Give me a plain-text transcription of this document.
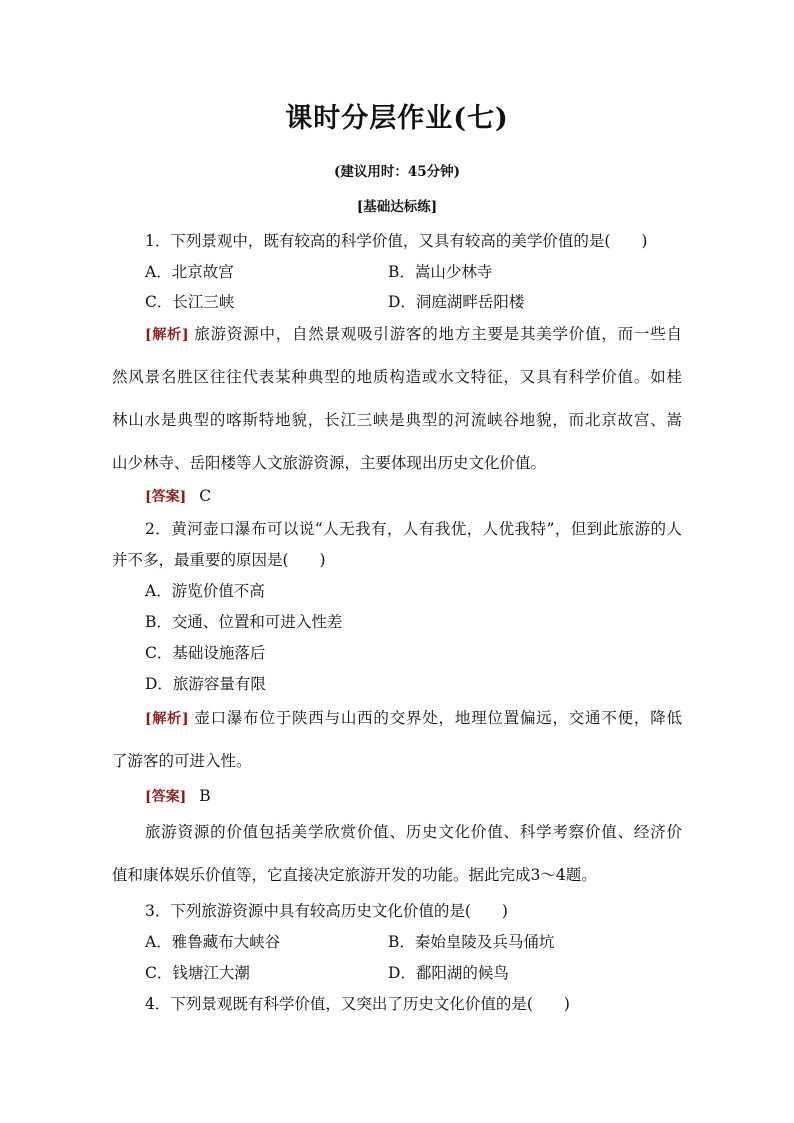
课时分层作业(七)
(建议用时：45分钟)
[基础达标练]
1．下列景观中，既有较高的科学价值，又具有较高的美学价值的是(　　)
A．北京故宫	B．嵩山少林寺
C．长江三峡	D．洞庭湖畔岳阳楼
[解析] 旅游资源中，自然景观吸引游客的地方主要是其美学价值，而一些自
然风景名胜区往往代表某种典型的地质构造或水文特征，又具有科学价值。如桂
林山水是典型的喀斯特地貌，长江三峡是典型的河流峡谷地貌，而北京故宫、嵩
山少林寺、岳阳楼等人文旅游资源，主要体现出历史文化价值。
[答案] C
2．黄河壶口瀑布可以说“人无我有，人有我优，人优我特”，但到此旅游的人
并不多，最重要的原因是(　　)
A．游览价值不高
B．交通、位置和可进入性差
C．基础设施落后
D．旅游容量有限
[解析] 壶口瀑布位于陕西与山西的交界处，地理位置偏远，交通不便，降低
了游客的可进入性。
[答案] B
旅游资源的价值包括美学欣赏价值、历史文化价值、科学考察价值、经济价
值和康体娱乐价值等，它直接决定旅游开发的功能。据此完成3～4题。
3．下列旅游资源中具有较高历史文化价值的是(　　)
A．雅鲁藏布大峡谷	B．秦始皇陵及兵马俑坑
C．钱塘江大潮	D．鄱阳湖的候鸟
4．下列景观既有科学价值，又突出了历史文化价值的是(　　)
